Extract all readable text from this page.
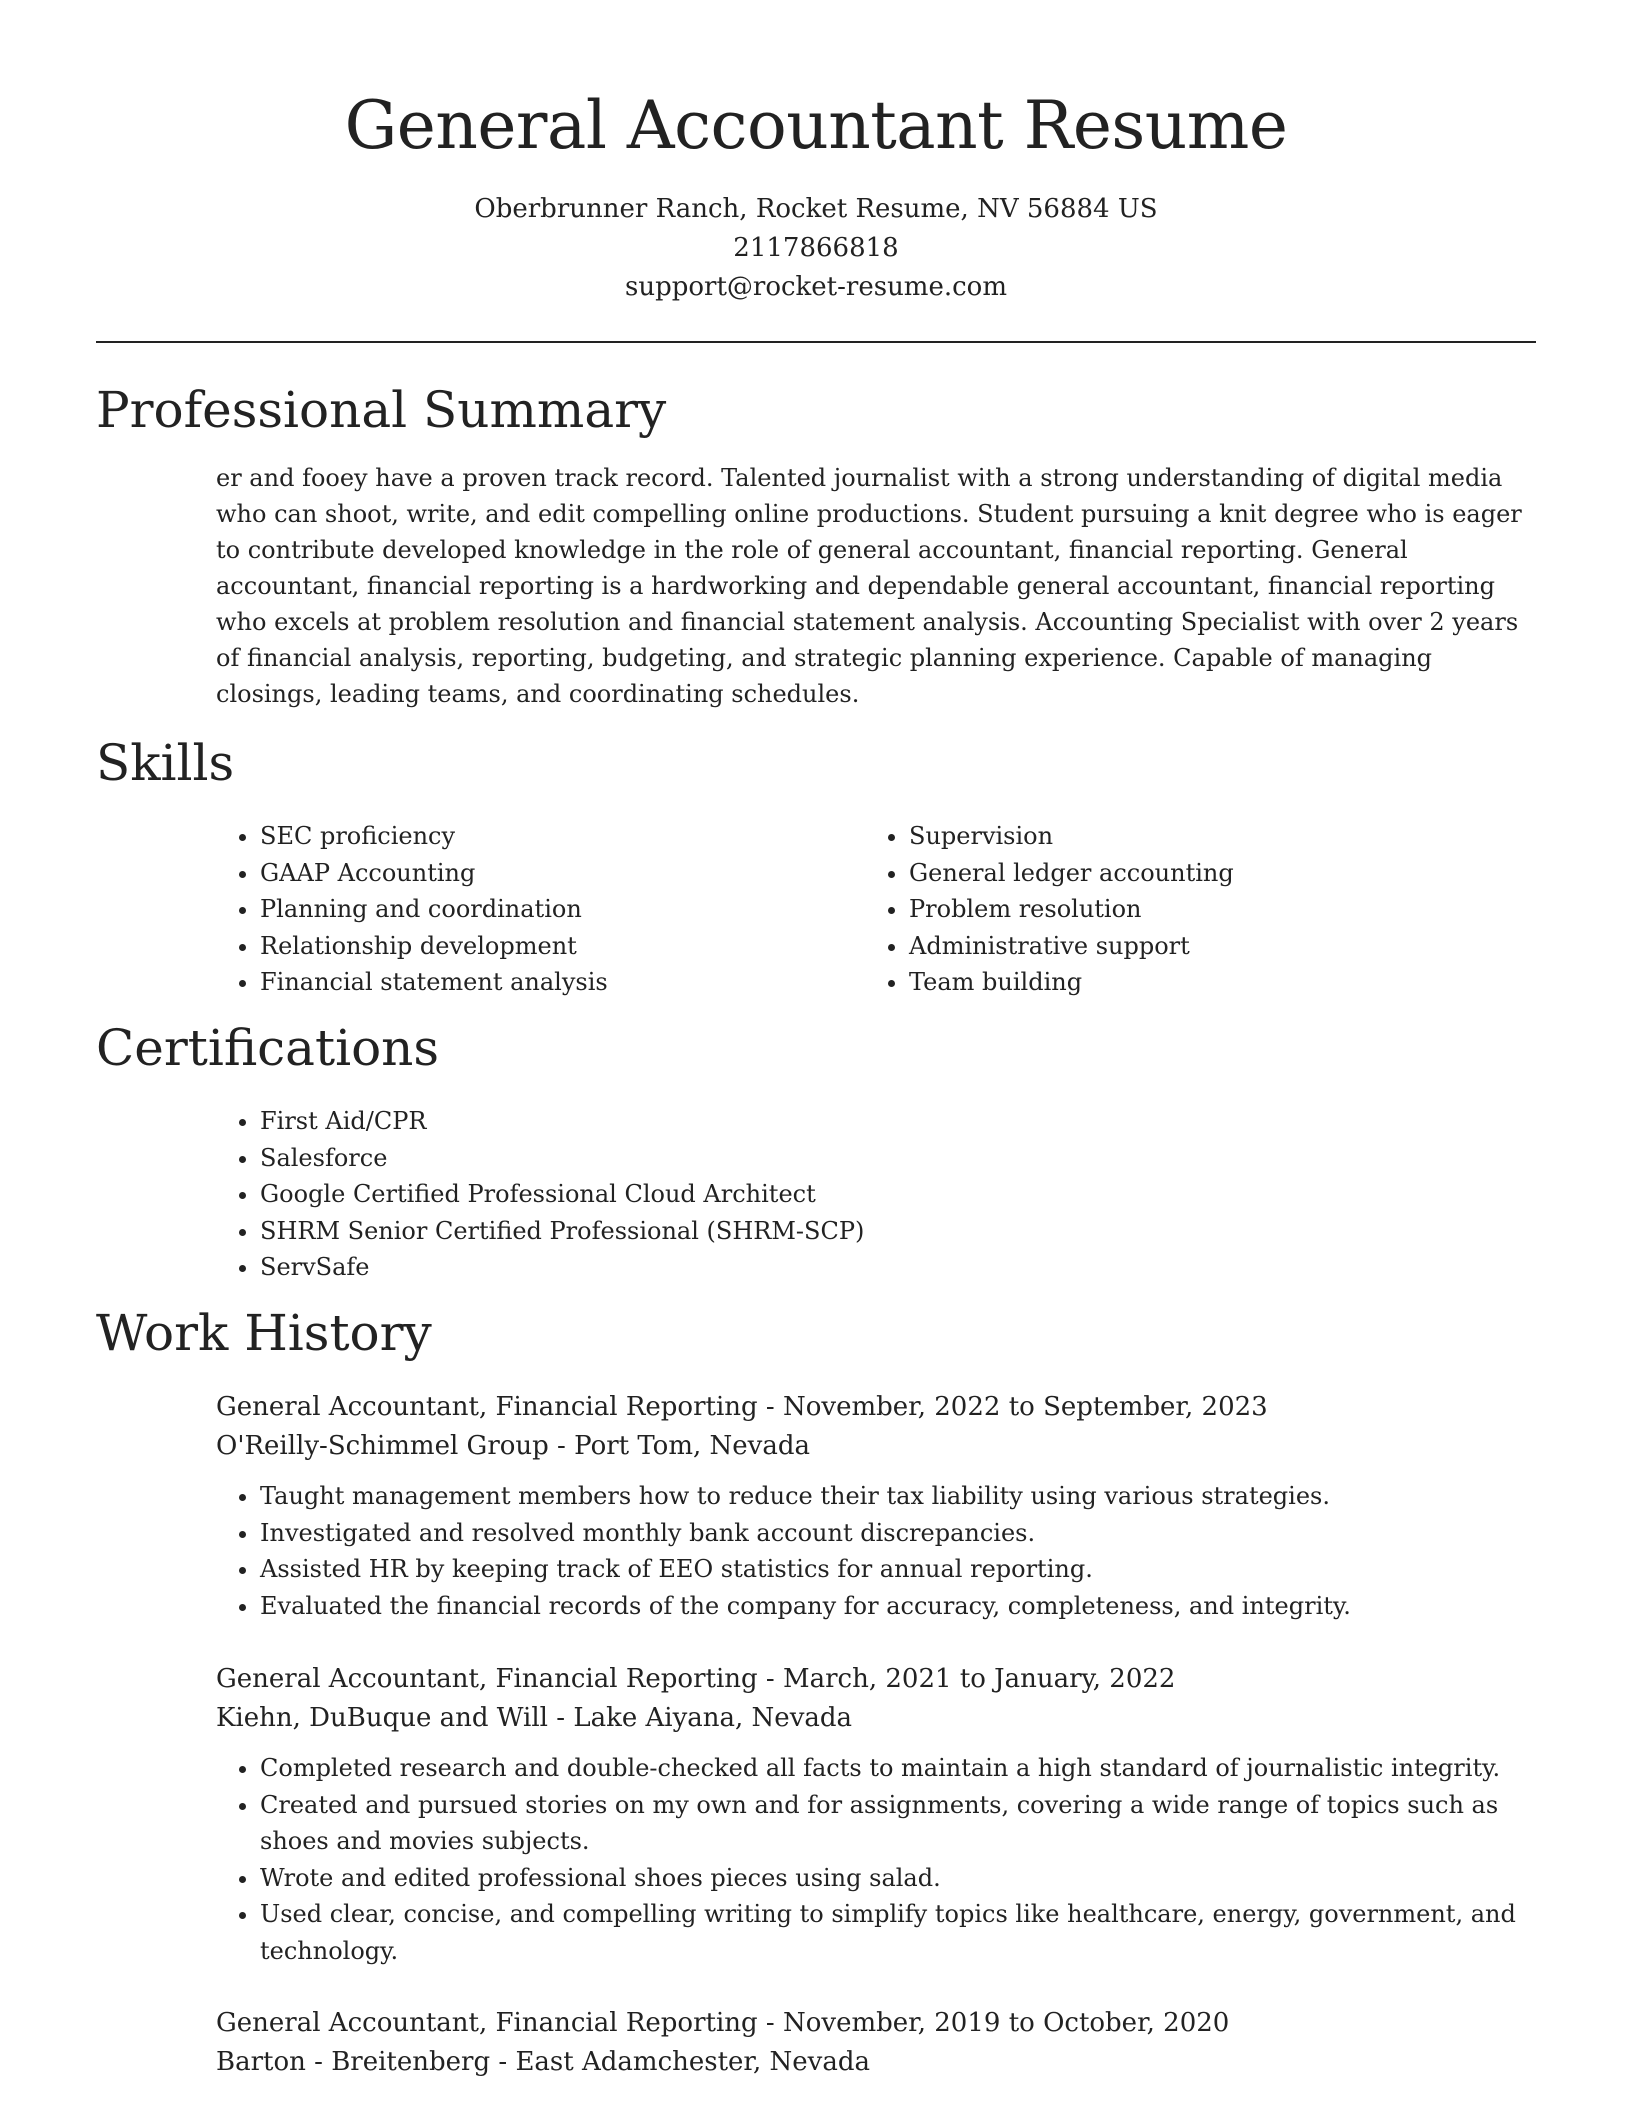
General Accountant Resume
Oberbrunner Ranch, Rocket Resume, NV 56884 US
2117866818
support@rocket-resume.com
Professional Summary

er and fooey have a proven track record. Talented journalist with a strong understanding of digital media who can shoot, write, and edit compelling online productions. Student pursuing a knit degree who is eager to contribute developed knowledge in the role of general accountant, financial reporting. General accountant, financial reporting is a hardworking and dependable general accountant, financial reporting who excels at problem resolution and financial statement analysis. Accounting Specialist with over 2 years of financial analysis, reporting, budgeting, and strategic planning experience. Capable of managing closings, leading teams, and coordinating schedules.

Skills
• SEC proficiency
• GAAP Accounting
• Planning and coordination
• Relationship development
• Financial statement analysis
• Supervision
• General ledger accounting
• Problem resolution
• Administrative support
• Team building
Certifications
• First Aid/CPR
• Salesforce
• Google Certified Professional Cloud Architect
• SHRM Senior Certified Professional (SHRM-SCP)
• ServSafe
Work History
General Accountant, Financial Reporting - November, 2022 to September, 2023
O'Reilly-Schimmel Group - Port Tom, Nevada
• Taught management members how to reduce their tax liability using various strategies.
• Investigated and resolved monthly bank account discrepancies.
• Assisted HR by keeping track of EEO statistics for annual reporting.
• Evaluated the financial records of the company for accuracy, completeness, and integrity.
General Accountant, Financial Reporting - March, 2021 to January, 2022
Kiehn, DuBuque and Will - Lake Aiyana, Nevada
• Completed research and double-checked all facts to maintain a high standard of journalistic integrity.
• Created and pursued stories on my own and for assignments, covering a wide range of topics such as shoes and movies subjects.
• Wrote and edited professional shoes pieces using salad.
• Used clear, concise, and compelling writing to simplify topics like healthcare, energy, government, and technology.
General Accountant, Financial Reporting - November, 2019 to October, 2020
Barton - Breitenberg - East Adamchester, Nevada
